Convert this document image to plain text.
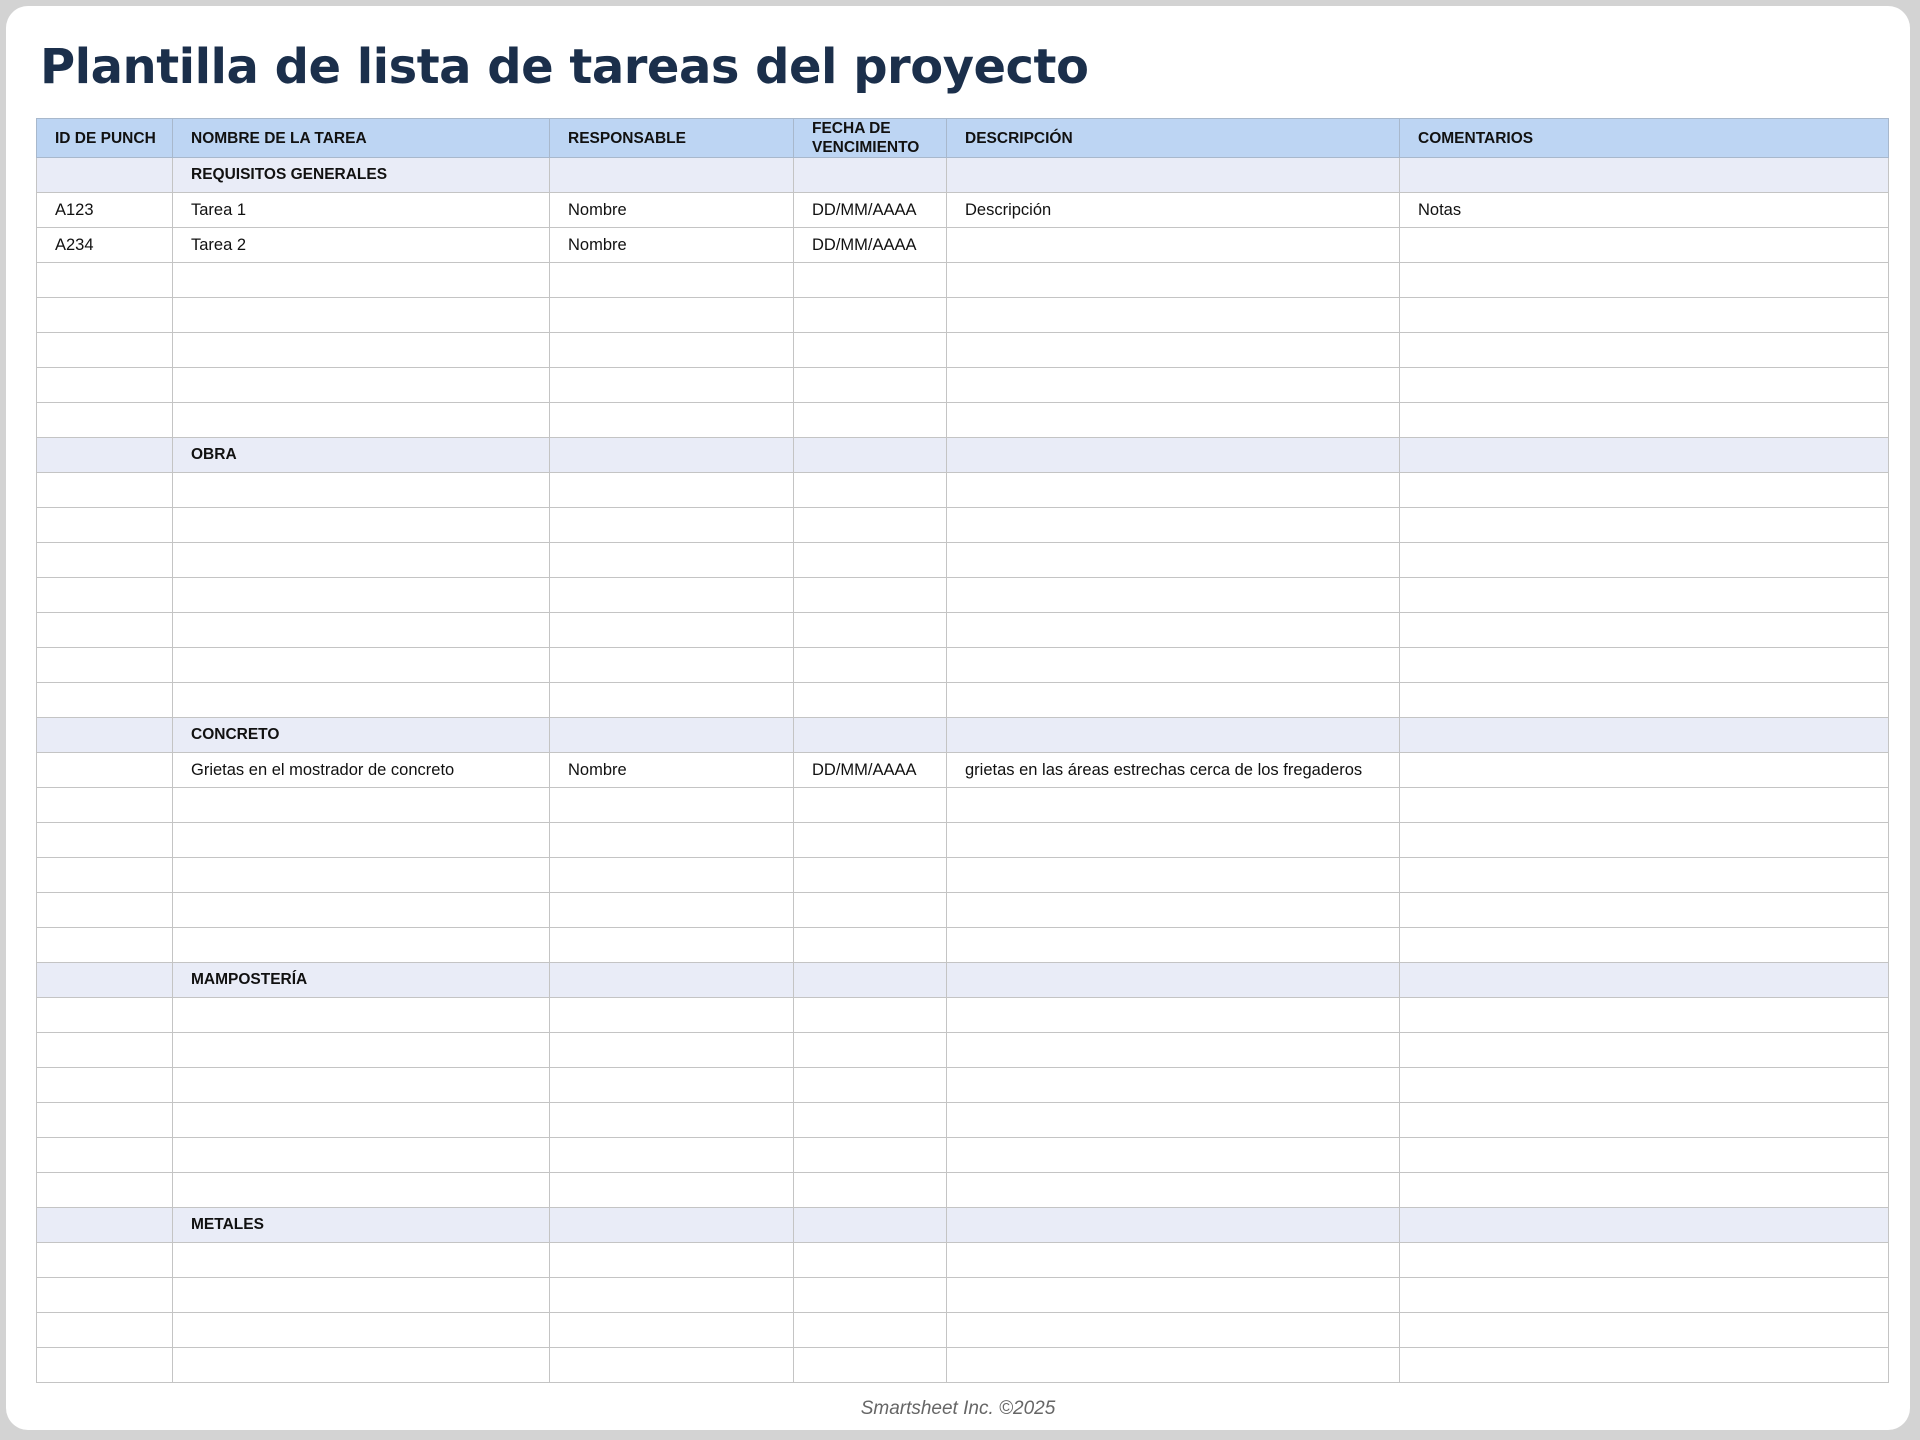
Plantilla de lista de tareas del proyecto
ID DE PUNCH	NOMBRE DE LA TAREA	RESPONSABLE	FECHA DE VENCIMIENTO	DESCRIPCIÓN	COMENTARIOS
	REQUISITOS GENERALES				
A123	Tarea 1	Nombre	DD/MM/AAAA	Descripción	Notas
A234	Tarea 2	Nombre	DD/MM/AAAA		

	OBRA				

	CONCRETO				
	Grietas en el mostrador de concreto	Nombre	DD/MM/AAAA	grietas en las áreas estrechas cerca de los fregaderos	

	MAMPOSTERÍA				

	METALES				

Smartsheet Inc. ©2025
